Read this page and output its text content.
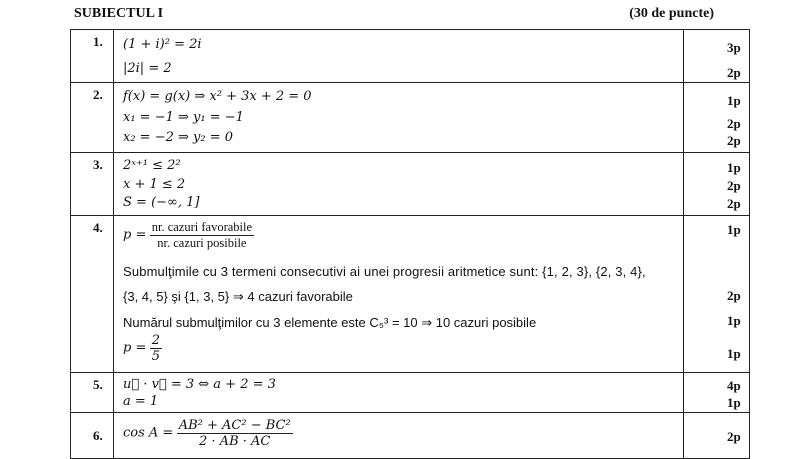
SUBIECTUL I	(30 de puncte)
1. (1 + i)² = 2i
|2i| = 2
3p
2p
2. f(x) = g(x) ⇒ x² + 3x + 2 = 0
x₁ = −1 ⇒ y₁ = −1
x₂ = −2 ⇒ y₂ = 0
1p
2p
2p
3. 2ˣ⁺¹ ≤ 2²
x + 1 ≤ 2
S = (−∞, 1]
1p
2p
2p
4.
$p = \frac{\text{nr. cazuri favorabile}}{\text{nr. cazuri posibile}}$
Submulţimile cu 3 termeni consecutivi ai unei progresii aritmetice sunt: {1, 2, 3}, {2, 3, 4},
{3, 4, 5} şi {1, 3, 5} ⇒ 4 cazuri favorabile
Numărul submulţimilor cu 3 elemente este C₅³ = 10 ⇒ 10 cazuri posibile
$p = \frac{2}{5}$
1p
2p
1p
1p
5. u⃗ · v⃗ = 3 ⇔ a + 2 = 3
a = 1
4p
1p
6. $\cos A = \frac{\text{AB² + AC² − BC²}}{2 \cdot AB \cdot AC}$	2p
